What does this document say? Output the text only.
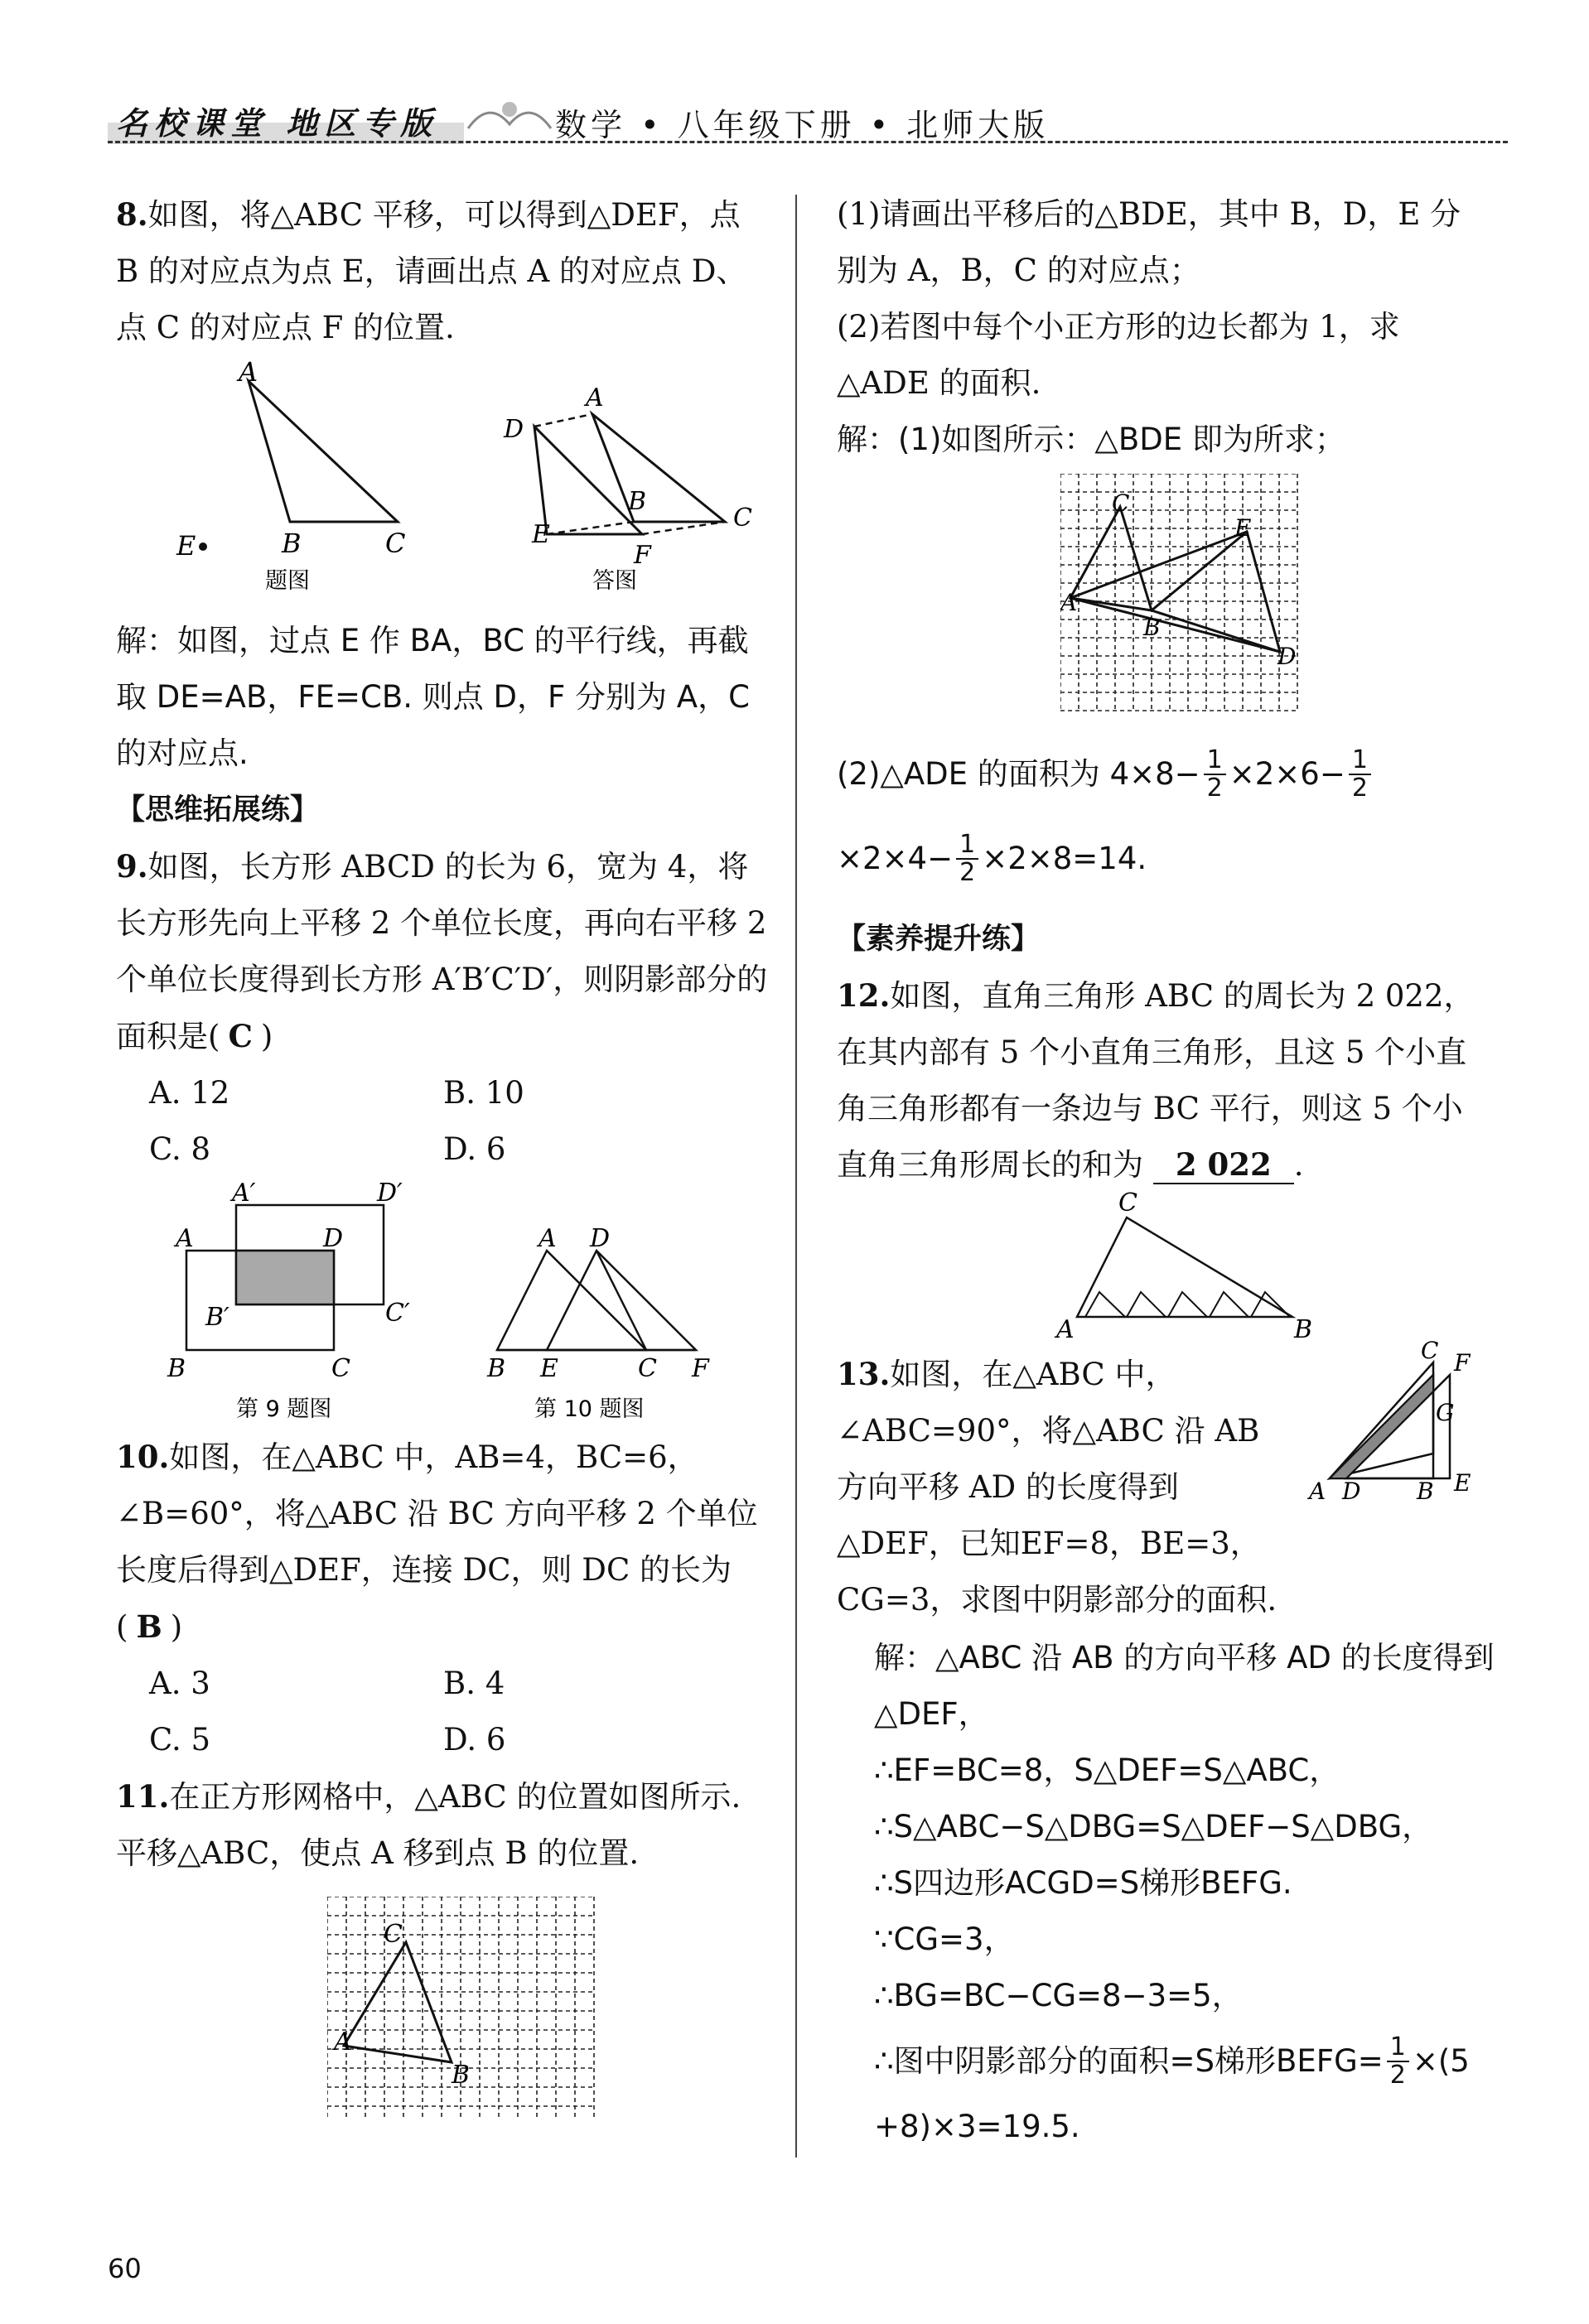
名校课堂 地区专版	数学 • 八年级下册 • 北师大版

8.如图，将△ABC 平移，可以得到△DEF，点 B 的对应点为点 E，请画出点 A 的对应点 D、点 C 的对应点 F 的位置.

A
B	C
E
题图
A
D
B
C
E
F
答图

解：如图，过点 E 作 BA，BC 的平行线，再截取 DE=AB，FE=CB. 则点 D，F 分别为 A，C 的对应点.

【思维拓展练】

9.如图，长方形 ABCD 的长为 6，宽为 4，将长方形先向上平移 2 个单位长度，再向右平移 2 个单位长度得到长方形 A′B′C′D′，则阴影部分的面积是( C )

A. 12	B. 10
C. 8	D. 6
A′	D′
A	D
B′	C′
B	C
第 9 题图
A D
B E	C F
第 10 题图

10.如图，在△ABC 中，AB=4，BC=6，∠B=60°，将△ABC 沿 BC 方向平移 2 个单位长度后得到△DEF，连接 DC，则 DC 的长为( B )

A. 3	B. 4
C. 5	D. 6

11.在正方形网格中，△ABC 的位置如图所示. 平移△ABC，使点 A 移到点 B 的位置.

C
A
B
60

(1)请画出平移后的△BDE，其中 B，D，E 分别为 A，B，C 的对应点；

(2)若图中每个小正方形的边长都为 1，求△ADE 的面积.

解：(1)如图所示：△BDE 即为所求；

C
A
B
E
D
(2)△ADE 的面积为 $4\times 8- \frac{1}{2} \times 2\times 6- \frac{1}{2}$
$\times 2\times 4- \frac{1}{2} \times 2\times 8=14$.

【素养提升练】

12.如图，直角三角形 ABC 的周长为 2 022，在其内部有 5 个小直角三角形，且这 5 个小直角三角形都有一条边与 BC 平行，则这 5 个小直角三角形周长的和为 2 022 .

C
A	B

13.如图，在△ABC 中，∠ABC=90°，将△ABC 沿 AB 方向平移 AD 的长度得到△DEF，已知EF=8，BE=3，CG=3，求图中阴影部分的面积.

C F
G
A D B E

解：△ABC 沿 AB 的方向平移 AD 的长度得到△DEF，

∴EF=BC=8，S△DEF=S△ABC，

∴S△ABC−S△DBG=S△DEF−S△DBG，

∴S四边形ACGD=S梯形BEFG.

∵CG=3，

∴BG=BC−CG=8−3=5，

∴图中阴影部分的面积=S梯形BEFG= $\frac{1}{2} \times(5$

+8)×3=19.5.
